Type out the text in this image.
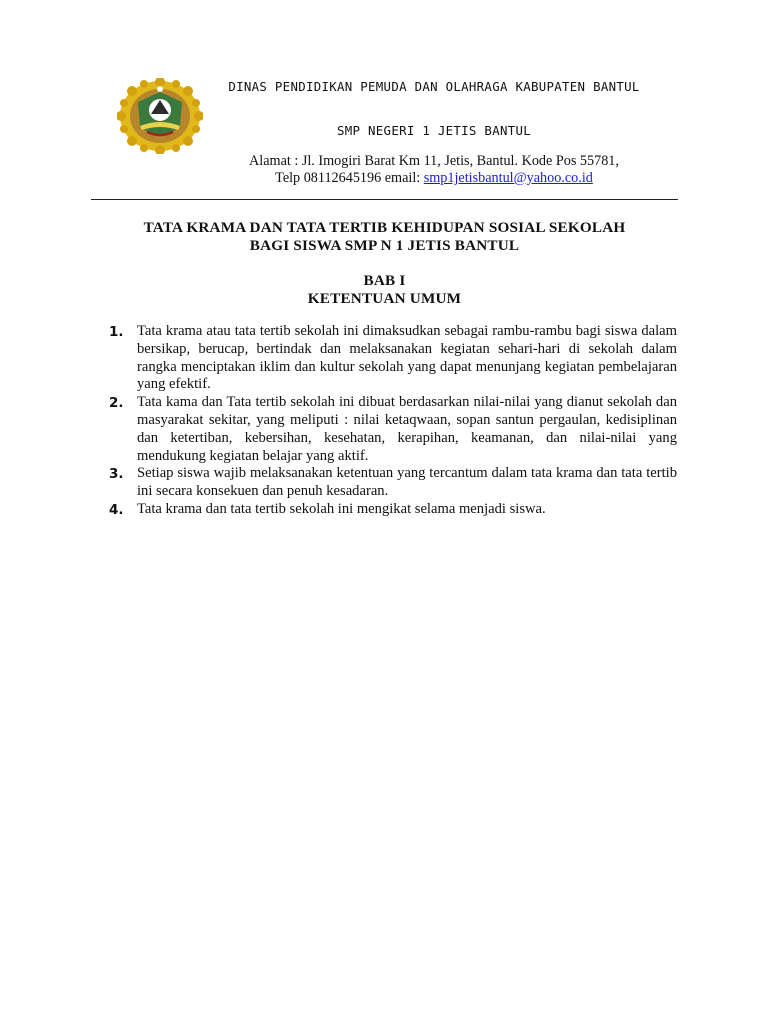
DINAS PENDIDIKAN PEMUDA DAN OLAHRAGA KABUPATEN BANTUL
SMP NEGERI 1 JETIS BANTUL
Alamat : Jl. Imogiri Barat Km 11, Jetis, Bantul. Kode Pos 55781,
Telp 08112645196 email: smp1jetisbantul@yahoo.co.id
TATA KRAMA DAN TATA TERTIB KEHIDUPAN SOSIAL SEKOLAH
BAGI SISWA SMP N 1 JETIS BANTUL
BAB I
KETENTUAN UMUM
1. Tata krama atau tata tertib sekolah ini dimaksudkan sebagai rambu-rambu bagi siswa dalam bersikap, berucap, bertindak dan melaksanakan kegiatan sehari-hari di sekolah dalam rangka menciptakan iklim dan kultur sekolah yang dapat menunjang kegiatan pembelajaran yang efektif.
2. Tata kama dan Tata tertib sekolah ini dibuat berdasarkan nilai-nilai yang dianut sekolah dan masyarakat sekitar, yang meliputi : nilai ketaqwaan, sopan santun pergaulan, kedisiplinan dan ketertiban, kebersihan, kesehatan, kerapihan, keamanan, dan nilai-nilai yang mendukung kegiatan belajar yang aktif.
3. Setiap siswa wajib melaksanakan ketentuan yang tercantum dalam tata krama dan tata tertib ini secara konsekuen dan penuh kesadaran.
4. Tata krama dan tata tertib sekolah ini mengikat selama menjadi siswa.
